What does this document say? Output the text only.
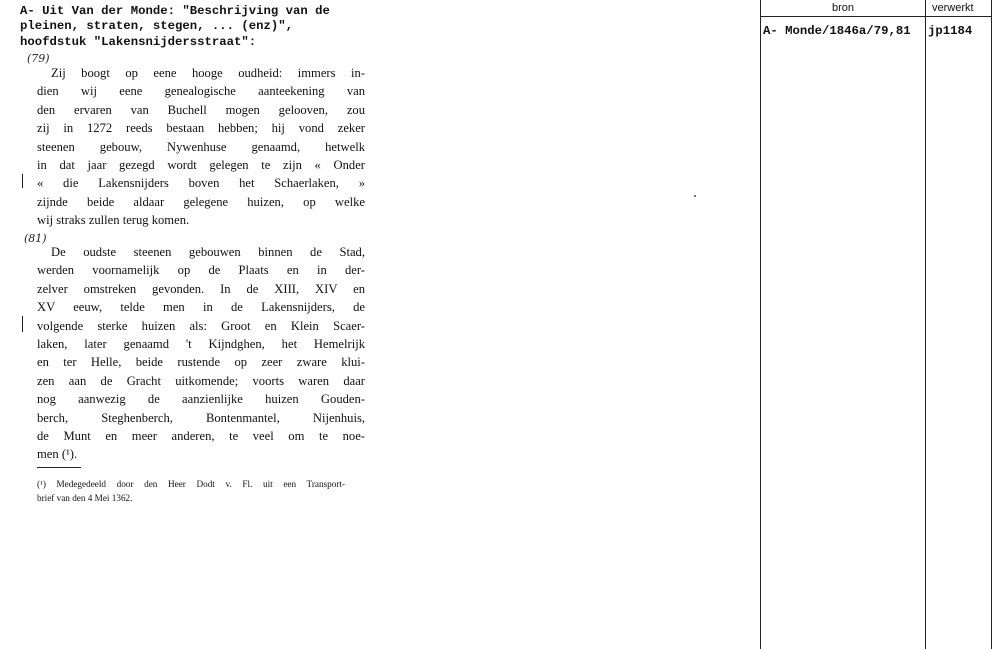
A- Uit Van der Monde: "Beschrijving van de
pleinen, straten, stegen, ... (enz)",
hoofdstuk "Lakensnijdersstraat":
(79)
Zij boogt op eene hooge oudheid: immers in-
dien wij eene genealogische aanteekening van
den ervaren van Buchell mogen gelooven, zou
zij in 1272 reeds bestaan hebben; hij vond zeker
steenen gebouw, Nywenhuse genaamd, hetwelk
in dat jaar gezegd wordt gelegen te zijn « Onder
« die Lakensnijders boven het Schaerlaken, »
zijnde beide aldaar gelegene huizen, op welke
wij straks zullen terug komen.
(81)
De oudste steenen gebouwen binnen de Stad,
werden voornamelijk op de Plaats en in der-
zelver omstreken gevonden. In de XIII, XIV en
XV eeuw, telde men in de Lakensnijders, de
volgende sterke huizen als: Groot en Klein Scaer-
laken, later genaamd 't Kijndghen, het Hemelrijk
en ter Helle, beide rustende op zeer zware klui-
zen aan de Gracht uitkomende; voorts waren daar
nog aanwezig de aanzienlijke huizen Gouden-
berch, Steghenberch, Bontenmantel, Nijenhuis,
de Munt en meer anderen, te veel om te noe-
men (¹).
(¹) Medegedeeld door den Heer Dodt v. Fl. uit een Transport-
brief van den 4 Mei 1362.
bron	verwerkt
A- Monde/1846a/79,81 jp1184
